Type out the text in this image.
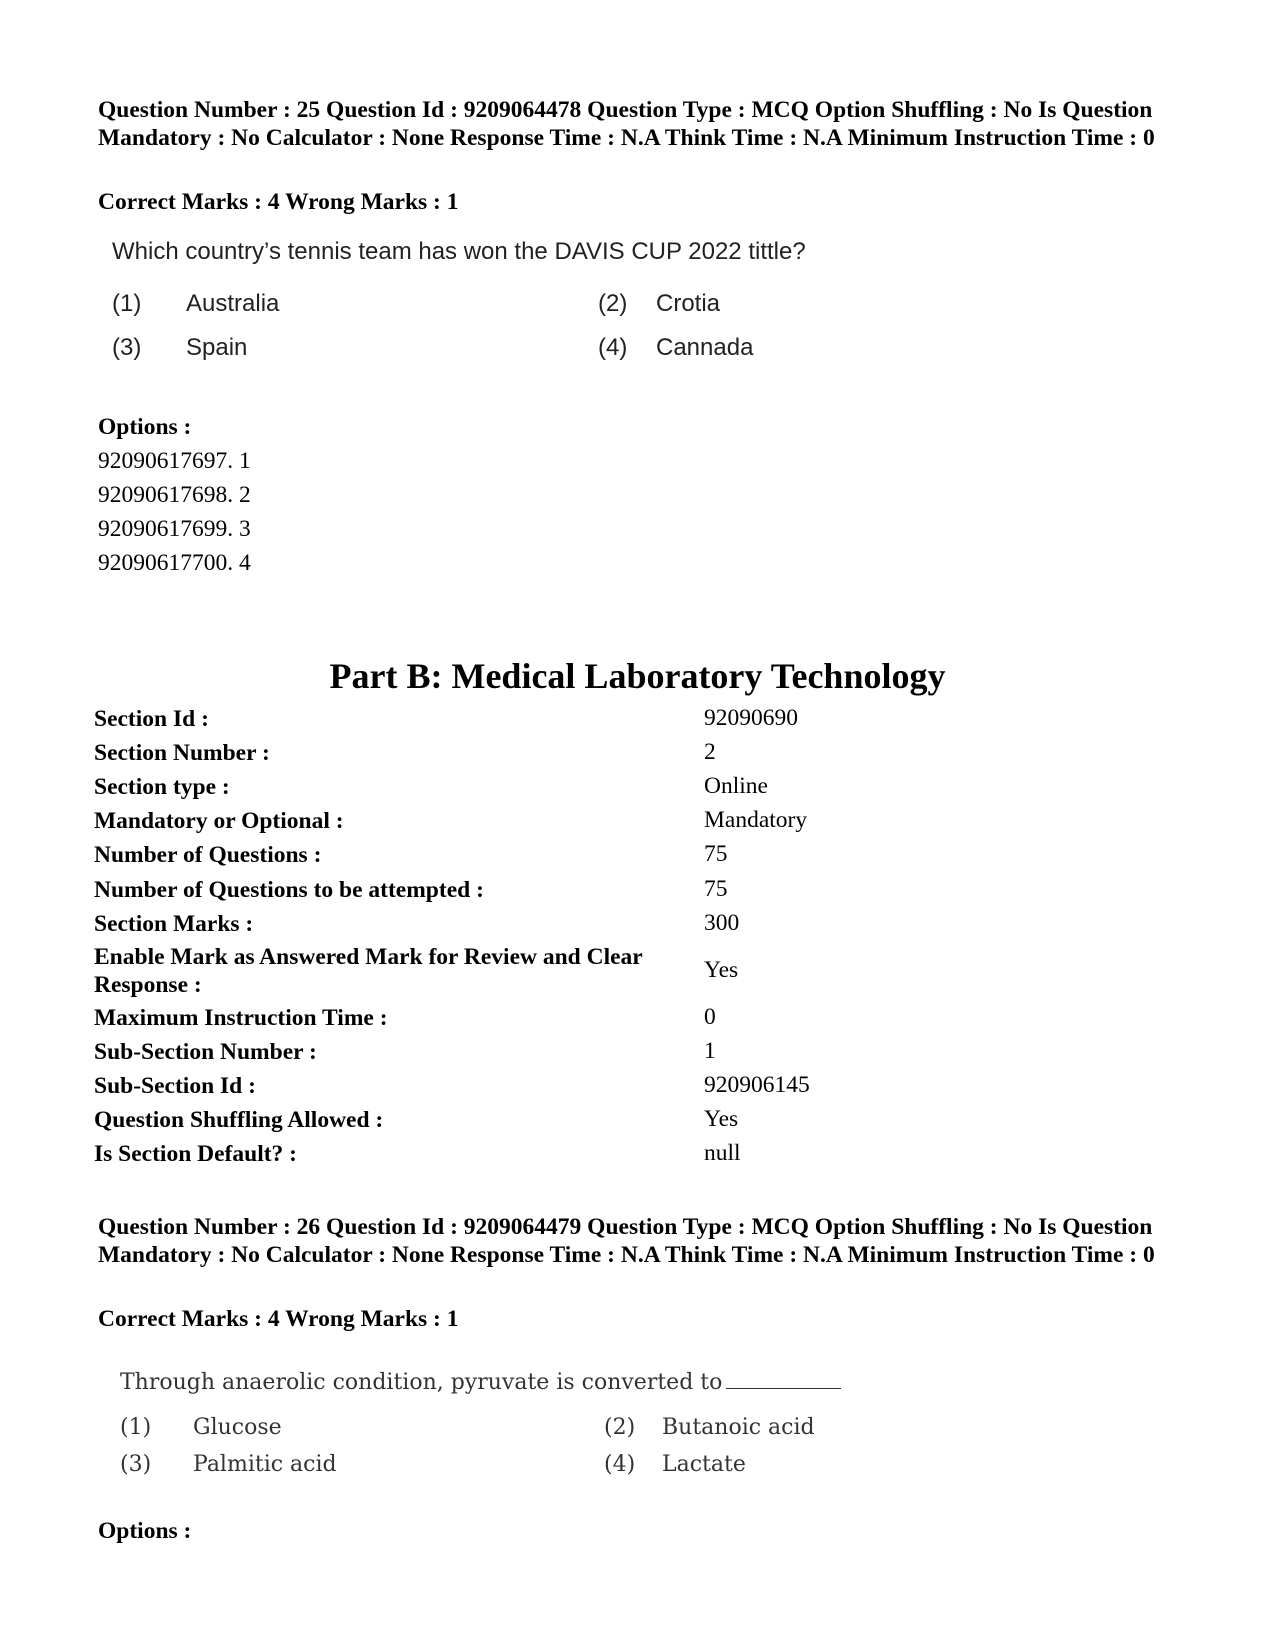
Question Number : 25 Question Id : 9209064478 Question Type : MCQ Option Shuffling : No Is Question Mandatory : No Calculator : None Response Time : N.A Think Time : N.A Minimum Instruction Time : 0
Correct Marks : 4 Wrong Marks : 1
Which country’s tennis team has won the DAVIS CUP 2022 tittle?
(1) Australia	(2) Crotia
(3) Spain	(4) Cannada
Options :
92090617697. 1
92090617698. 2
92090617699. 3
92090617700. 4
Part B: Medical Laboratory Technology
Section Id :	92090690
Section Number :	2
Section type :	Online
Mandatory or Optional :	Mandatory
Number of Questions :	75
Number of Questions to be attempted :	75
Section Marks :	300
Enable Mark as Answered Mark for Review and Clear Response :
Yes
Maximum Instruction Time :	0
Sub-Section Number :	1
Sub-Section Id :	920906145
Question Shuffling Allowed :	Yes
Is Section Default? :	null
Question Number : 26 Question Id : 9209064479 Question Type : MCQ Option Shuffling : No Is Question Mandatory : No Calculator : None Response Time : N.A Think Time : N.A Minimum Instruction Time : 0
Correct Marks : 4 Wrong Marks : 1
Through anaerolic condition, pyruvate is converted to
(1) Glucose	(2) Butanoic acid
(3) Palmitic acid	(4) Lactate
Options :
